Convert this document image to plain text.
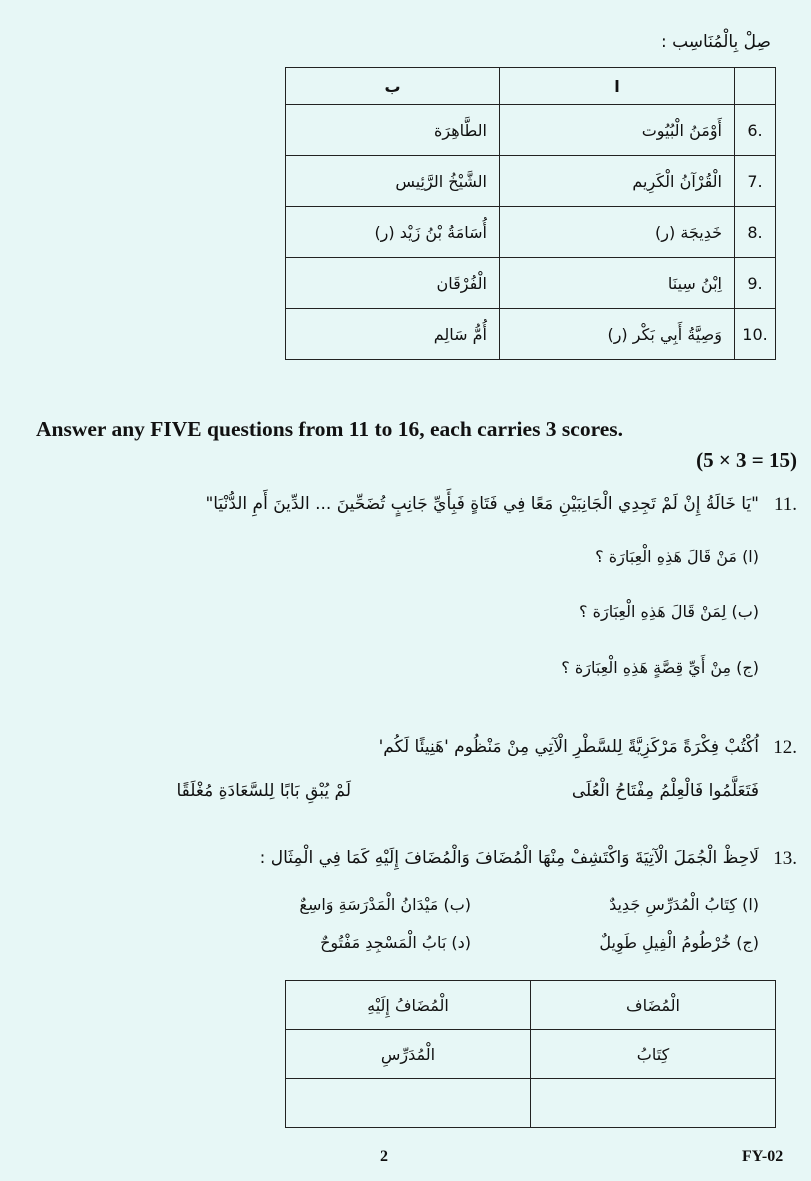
صِلْ بِالْمُنَاسِب :
	ا	ب
6.	أَوْمَنُ الْبُيُوت	الطَّاهِرَة
7.	الْقُرْآنُ الْكَرِيم	الشَّيْخُ الرَّئِيس
8.	خَدِيجَة (ر)	أُسَامَةُ بْنُ زَيْد (ر)
9.	اِبْنُ سِينَا	الْفُرْقَان
10.	وَصِيَّةُ أَبِي بَكْر (ر)	أُمُّ سَالِم
Answer any FIVE questions from 11 to 16, each carries 3 scores.
(5 × 3 = 15)
11.
"يَا خَالَةُ إِنْ لَمْ تَجِدِي الْجَانِبَيْنِ مَعًا فِي فَتَاةٍ فَبِأَيِّ جَانِبٍ تُضَحِّينَ ... الدِّينَ أَمِ الدُّنْيَا"
(ا) مَنْ قَالَ هَذِهِ الْعِبَارَة ؟
(ب) لِمَنْ قَالَ هَذِهِ الْعِبَارَة ؟
(ج) مِنْ أَيِّ قِصَّةٍ هَذِهِ الْعِبَارَة ؟
12.
اُكْتُبْ فِكْرَةً مَرْكَزِيَّةً لِلسَّطْرِ الْآتِي مِنْ مَنْظُوم 'هَنِيئًا لَكُم'
فَتَعَلَّمُوا فَالْعِلْمُ مِفْتَاحُ الْعُلَى
لَمْ يُبْقِ بَابًا لِلسَّعَادَةِ مُغْلَقًا
13.
لَاحِظْ الْجُمَلَ الْآتِيَةَ وَاكْتَشِفْ مِنْهَا الْمُضَافَ وَالْمُضَافَ إِلَيْهِ كَمَا فِي الْمِثَال :
(ا) كِتَابُ الْمُدَرِّسِ جَدِيدٌ
(ب) مَيْدَانُ الْمَدْرَسَةِ وَاسِعٌ
(ج) خُرْطُومُ الْفِيلِ طَوِيلٌ
(د) بَابُ الْمَسْجِدِ مَفْتُوحٌ
الْمُضَاف	الْمُضَافُ إِلَيْهِ
كِتَابُ	الْمُدَرِّسِ

2	FY-02
